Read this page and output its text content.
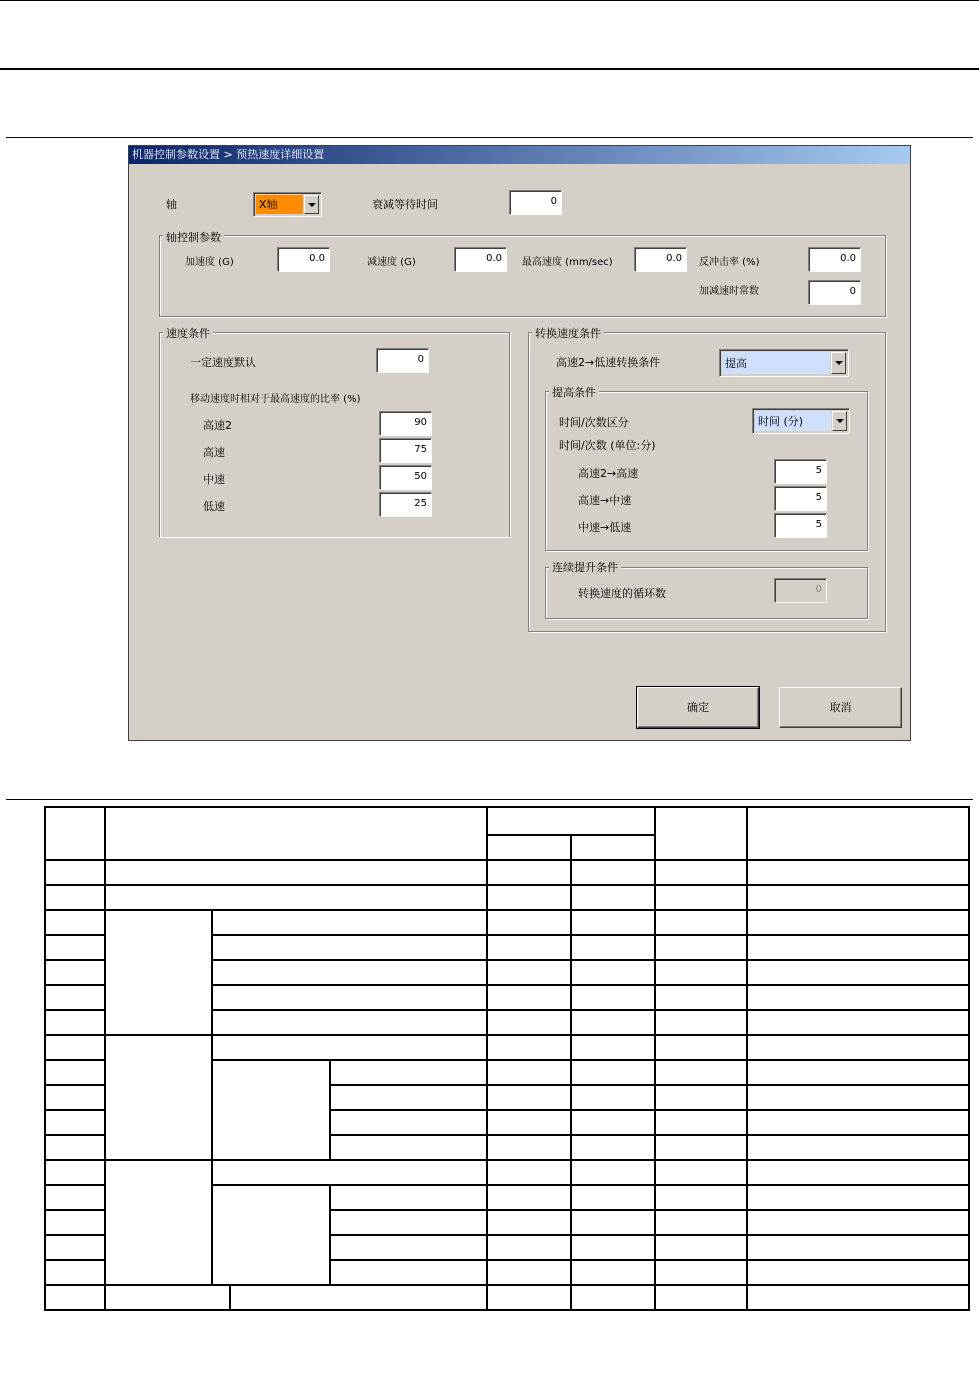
机器控制参数设置 > 预热速度详细设置
轴	X轴	衰减等待时间	0
轴控制参数
加速度 (G)	0.0	减速度 (G)	0.0	最高速度 (mm/sec)	0.0	反冲击率 (%)	0.0
加减速时常数	0
速度条件
一定速度默认	0
移动速度时相对于最高速度的比率 (%)
高速2	90
高速	75
中速	50
低速	25
转换速度条件
高速2→低速转换条件	提高
提高条件
时间/次数区分	时间 (分)
时间/次数 (单位:分)
高速2→高速	5
高速→中速	5
中速→低速	5
连续提升条件
转换速度的循环数	0
确定	取消
